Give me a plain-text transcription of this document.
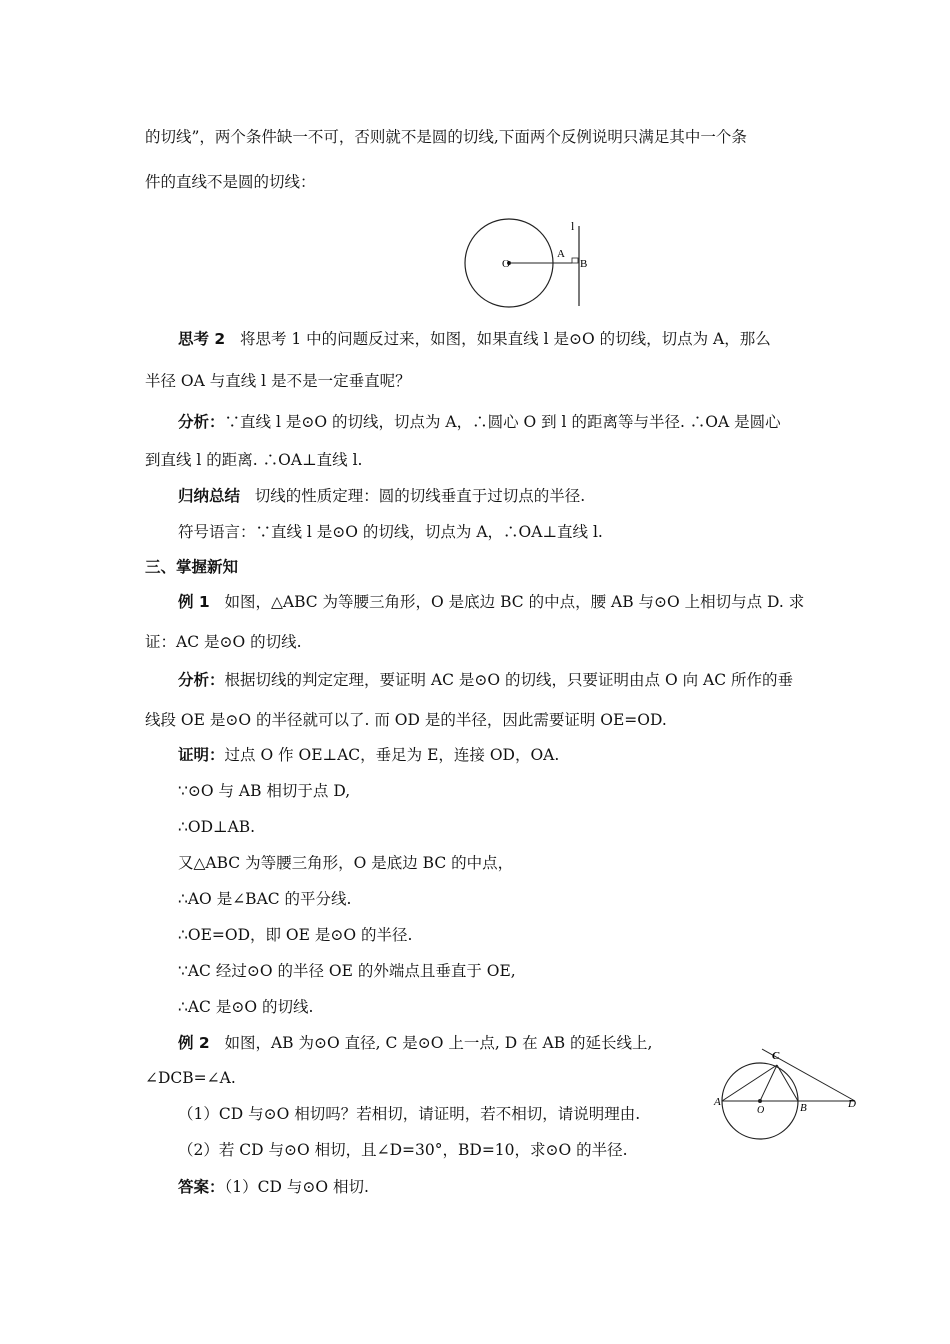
的切线”，两个条件缺一不可，否则就不是圆的切线,下面两个反例说明只满足其中一个条
件的直线不是圆的切线：
l
A
O	B
思考 2 将思考 1 中的问题反过来，如图，如果直线 l 是⊙O 的切线，切点为 A，那么
半径 OA 与直线 l 是不是一定垂直呢？
分析：∵直线 l 是⊙O 的切线，切点为 A，∴圆心 O 到 l 的距离等与半径. ∴OA 是圆心
到直线 l 的距离. ∴OA⊥直线 l.
归纳总结 切线的性质定理：圆的切线垂直于过切点的半径.
符号语言：∵直线 l 是⊙O 的切线，切点为 A，∴OA⊥直线 l.
三、掌握新知
例 1 如图，△ABC 为等腰三角形，O 是底边 BC 的中点，腰 AB 与⊙O 上相切与点 D. 求
证：AC 是⊙O 的切线.
分析：根据切线的判定定理，要证明 AC 是⊙O 的切线，只要证明由点 O 向 AC 所作的垂
线段 OE 是⊙O 的半径就可以了. 而 OD 是的半径，因此需要证明 OE=OD.
证明：过点 O 作 OE⊥AC，垂足为 E，连接 OD，OA.
∵⊙O 与 AB 相切于点 D,
∴OD⊥AB.
又△ABC 为等腰三角形，O 是底边 BC 的中点，
∴AO 是∠BAC 的平分线.
∴OE=OD，即 OE 是⊙O 的半径.
∵AC 经过⊙O 的半径 OE 的外端点且垂直于 OE,
∴AC 是⊙O 的切线.
例 2 如图，AB 为⊙O 直径, C 是⊙O 上一点, D 在 AB 的延长线上,
∠DCB=∠A.
（1）CD 与⊙O 相切吗？若相切，请证明，若不相切，请说明理由.
（2）若 CD 与⊙O 相切，且∠D=30°，BD=10，求⊙O 的半径.
C
A
O	B	D
答案：（1）CD 与⊙O 相切.
